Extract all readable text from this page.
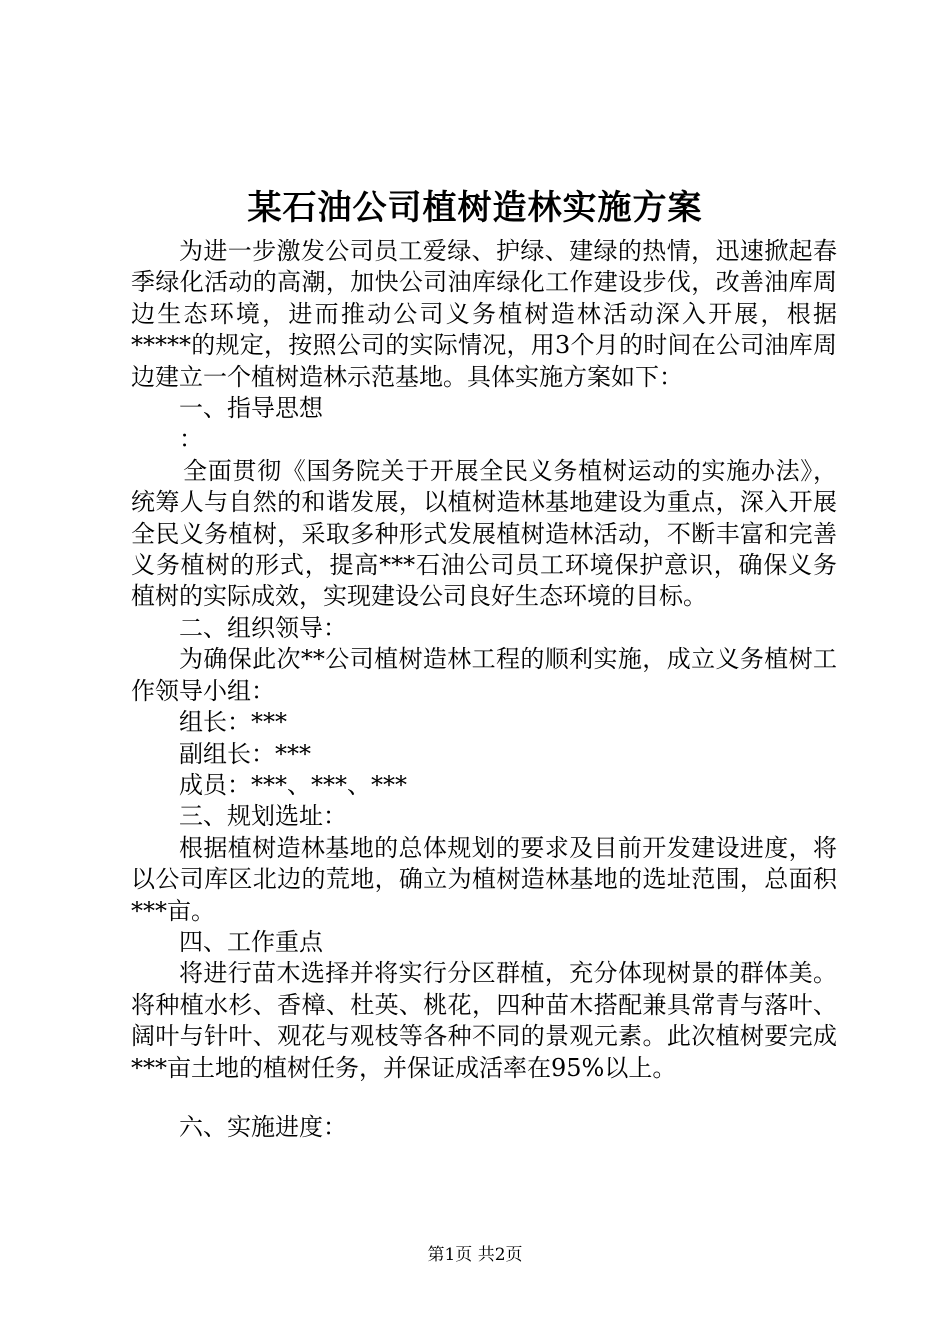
某石油公司植树造林实施方案

为进一步激发公司员工爱绿、护绿、建绿的热情，迅速掀起春季绿化活动的高潮，加快公司油库绿化工作建设步伐，改善油库周边生态环境，进而推动公司义务植树造林活动深入开展，根据*****的规定，按照公司的实际情况，用3个月的时间在公司油库周边建立一个植树造林示范基地。具体实施方案如下：

一、指导思想

：

全面贯彻《国务院关于开展全民义务植树运动的实施办法》，统筹人与自然的和谐发展，以植树造林基地建设为重点，深入开展全民义务植树，采取多种形式发展植树造林活动，不断丰富和完善义务植树的形式，提高***石油公司员工环境保护意识，确保义务植树的实际成效，实现建设公司良好生态环境的目标。

二、组织领导：

为确保此次**公司植树造林工程的顺利实施，成立义务植树工作领导小组：

组长：***

副组长：***

成员：***、***、***

三、规划选址：

根据植树造林基地的总体规划的要求及目前开发建设进度，将以公司库区北边的荒地，确立为植树造林基地的选址范围，总面积***亩。

四、工作重点

将进行苗木选择并将实行分区群植，充分体现树景的群体美。将种植水杉、香樟、杜英、桃花，四种苗木搭配兼具常青与落叶、阔叶与针叶、观花与观枝等各种不同的景观元素。此次植树要完成***亩土地的植树任务，并保证成活率在95%以上。

六、实施进度：

第1页 共2页
